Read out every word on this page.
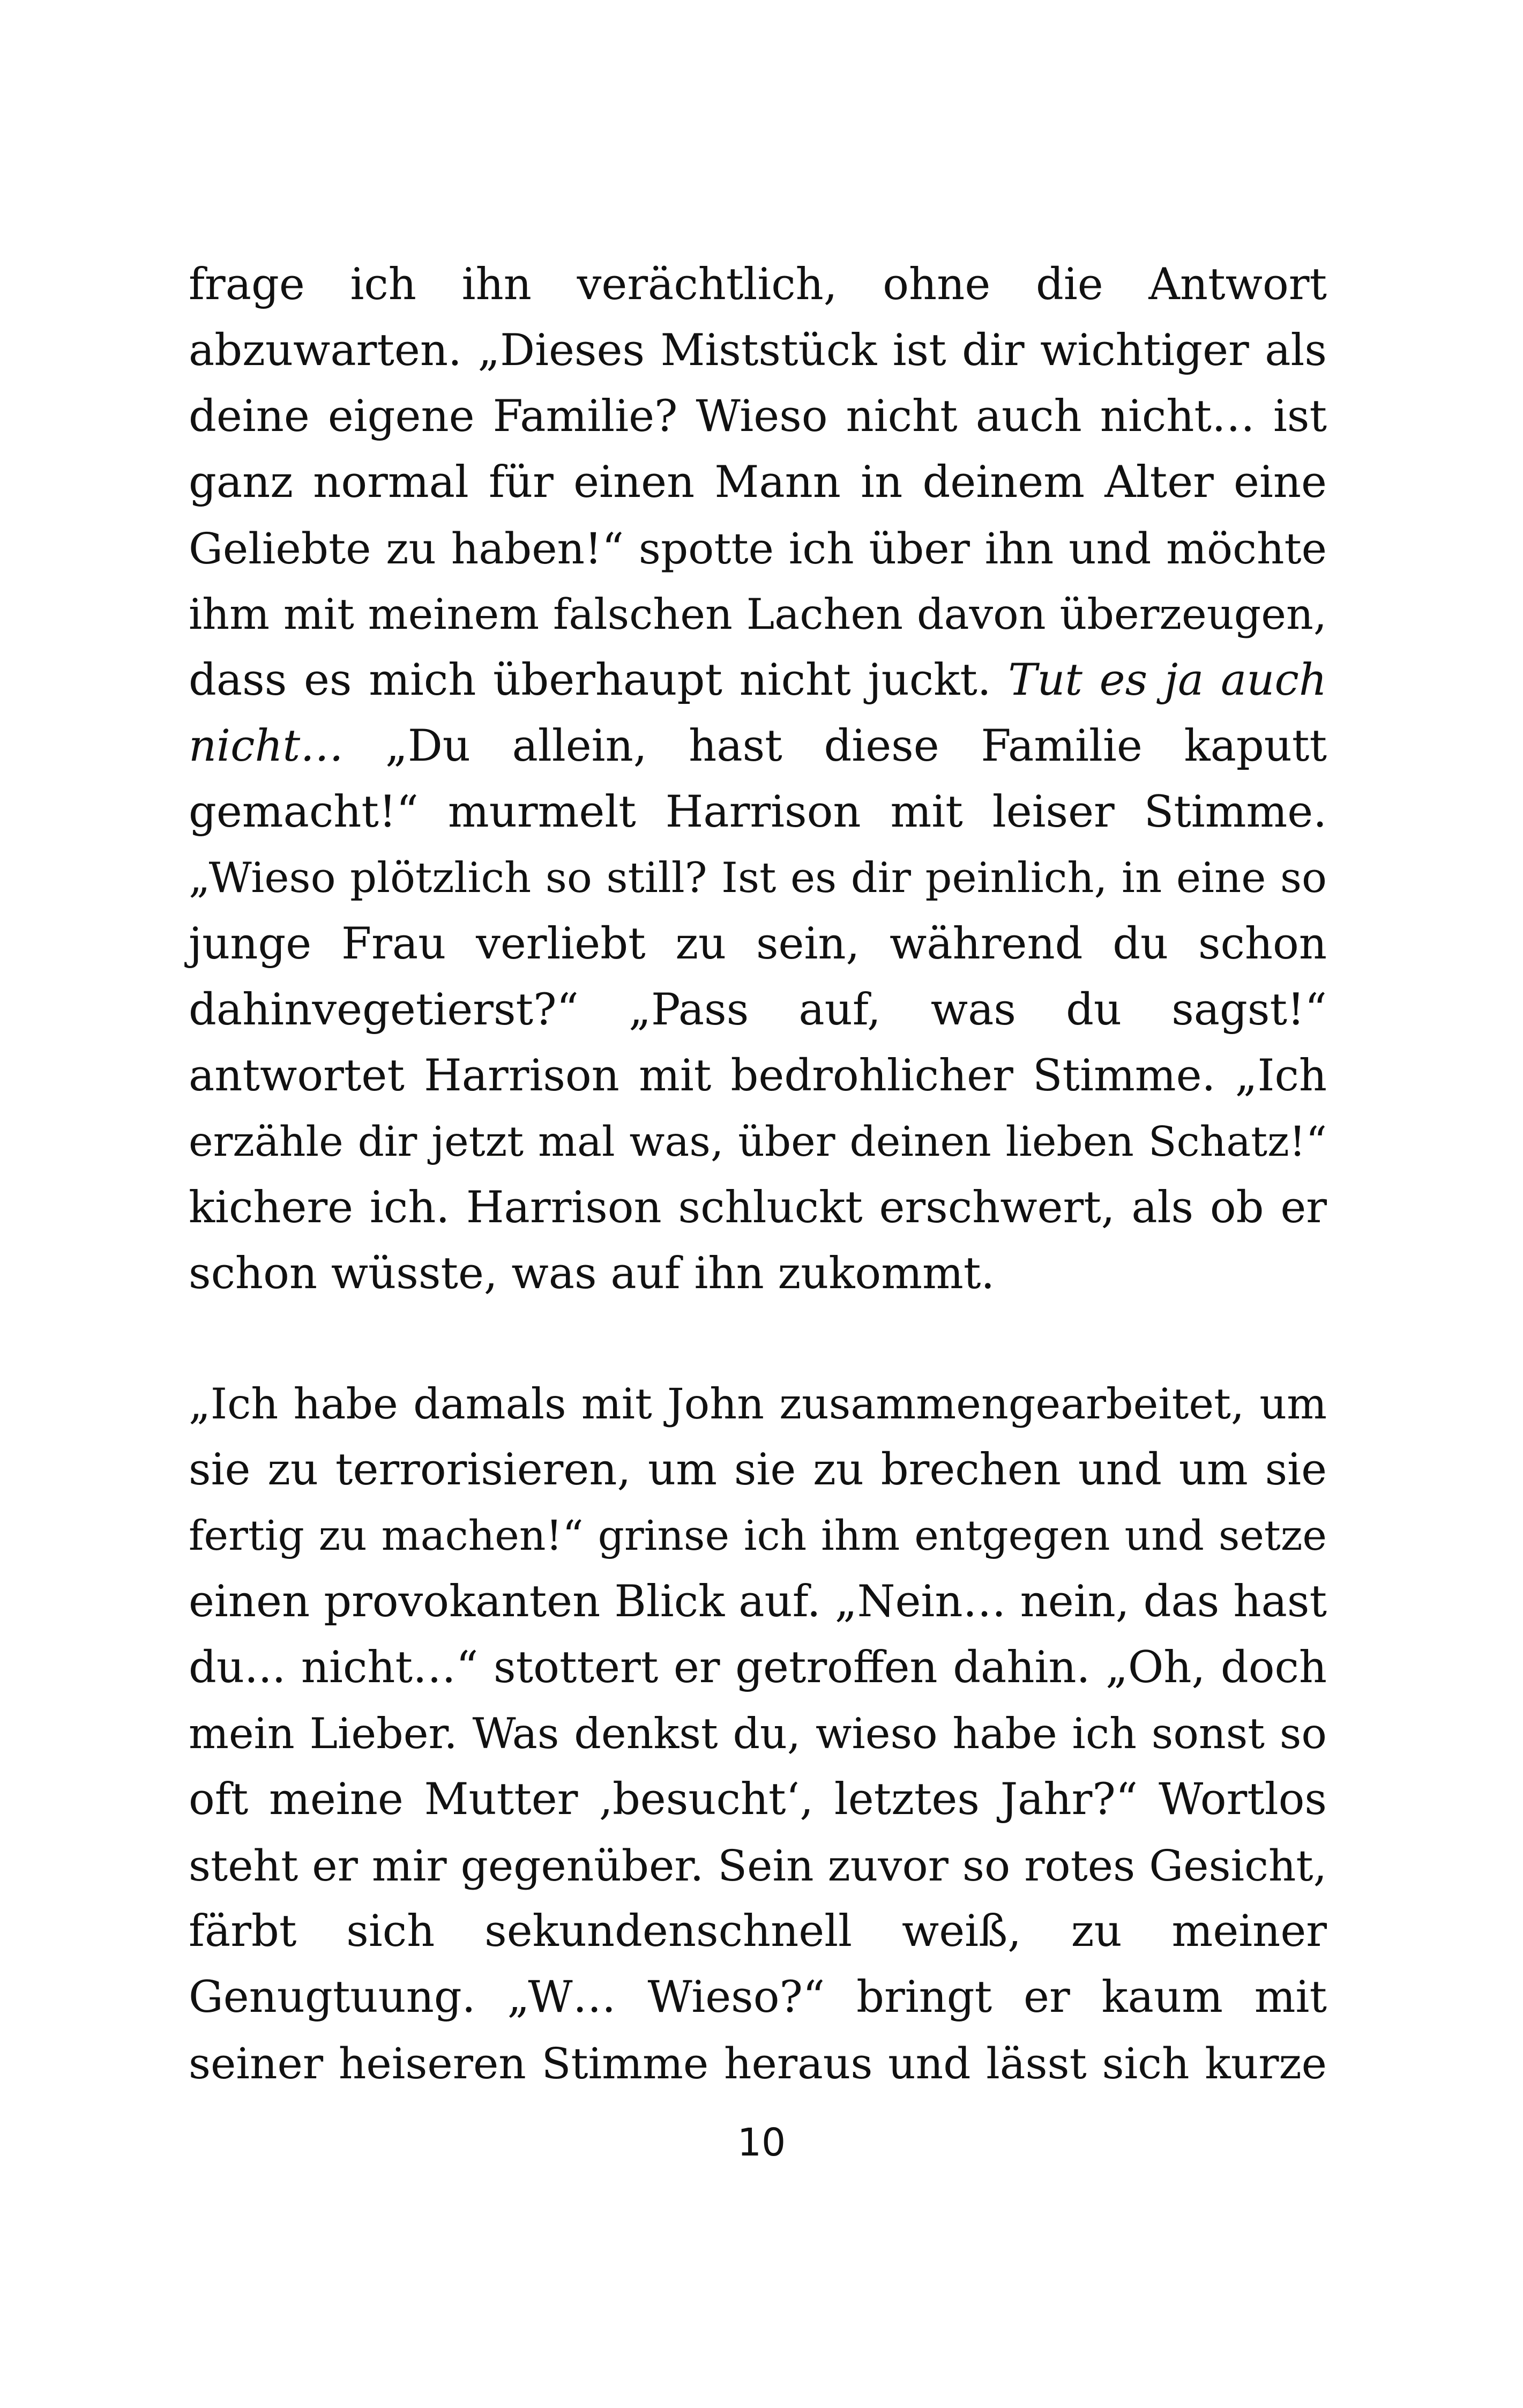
frage ich ihn verächtlich, ohne die Antwort
abzuwarten. „Dieses Miststück ist dir wichtiger als
deine eigene Familie? Wieso nicht auch nicht… ist
ganz normal für einen Mann in deinem Alter eine
Geliebte zu haben!“ spotte ich über ihn und möchte
ihm mit meinem falschen Lachen davon überzeugen,
dass es mich überhaupt nicht juckt. Tut es ja auch
nicht… „Du allein, hast diese Familie kaputt
gemacht!“ murmelt Harrison mit leiser Stimme.
„Wieso plötzlich so still? Ist es dir peinlich, in eine so
junge Frau verliebt zu sein, während du schon
dahinvegetierst?“ „Pass auf, was du sagst!“
antwortet Harrison mit bedrohlicher Stimme. „Ich
erzähle dir jetzt mal was, über deinen lieben Schatz!“
kichere ich. Harrison schluckt erschwert, als ob er
schon wüsste, was auf ihn zukommt.
„Ich habe damals mit John zusammengearbeitet, um
sie zu terrorisieren, um sie zu brechen und um sie
fertig zu machen!“ grinse ich ihm entgegen und setze
einen provokanten Blick auf. „Nein… nein, das hast
du... nicht…“ stottert er getroffen dahin. „Oh, doch
mein Lieber. Was denkst du, wieso habe ich sonst so
oft meine Mutter ‚besucht‘, letztes Jahr?“ Wortlos
steht er mir gegenüber. Sein zuvor so rotes Gesicht,
färbt sich sekundenschnell weiß, zu meiner
Genugtuung. „W… Wieso?“ bringt er kaum mit
seiner heiseren Stimme heraus und lässt sich kurze
10
